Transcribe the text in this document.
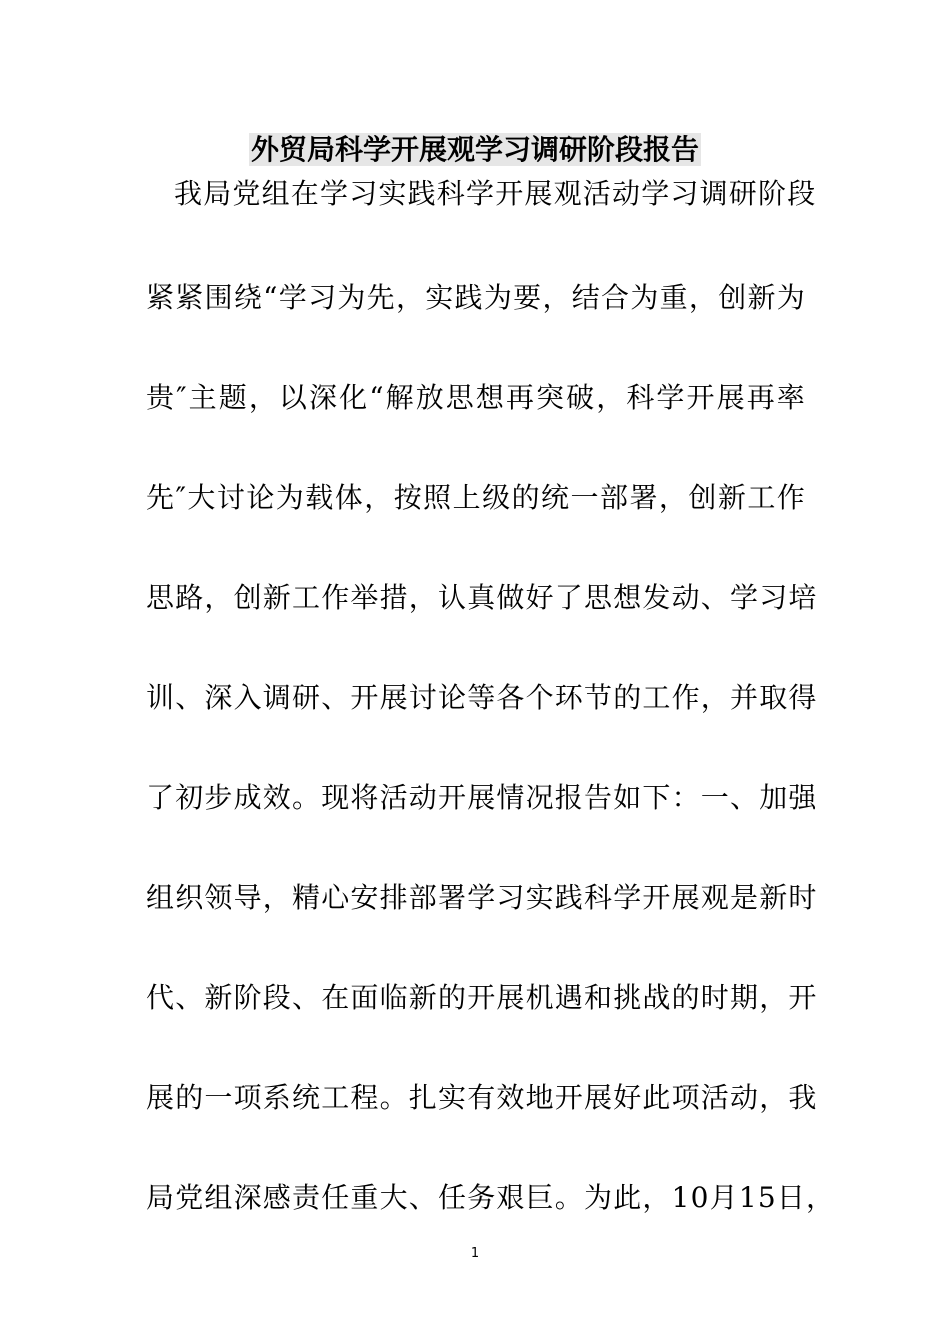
外贸局科学开展观学习调研阶段报告
我局党组在学习实践科学开展观活动学习调研阶段
紧紧围绕“学习为先，实践为要，结合为重，创新为
贵″主题，以深化“解放思想再突破，科学开展再率
先″大讨论为载体，按照上级的统一部署，创新工作
思路，创新工作举措，认真做好了思想发动、学习培
训、深入调研、开展讨论等各个环节的工作，并取得
了初步成效。现将活动开展情况报告如下：一、加强
组织领导，精心安排部署学习实践科学开展观是新时
代、新阶段、在面临新的开展机遇和挑战的时期，开
展的一项系统工程。扎实有效地开展好此项活动，我
局党组深感责任重大、任务艰巨。为此，10月15日，
1
